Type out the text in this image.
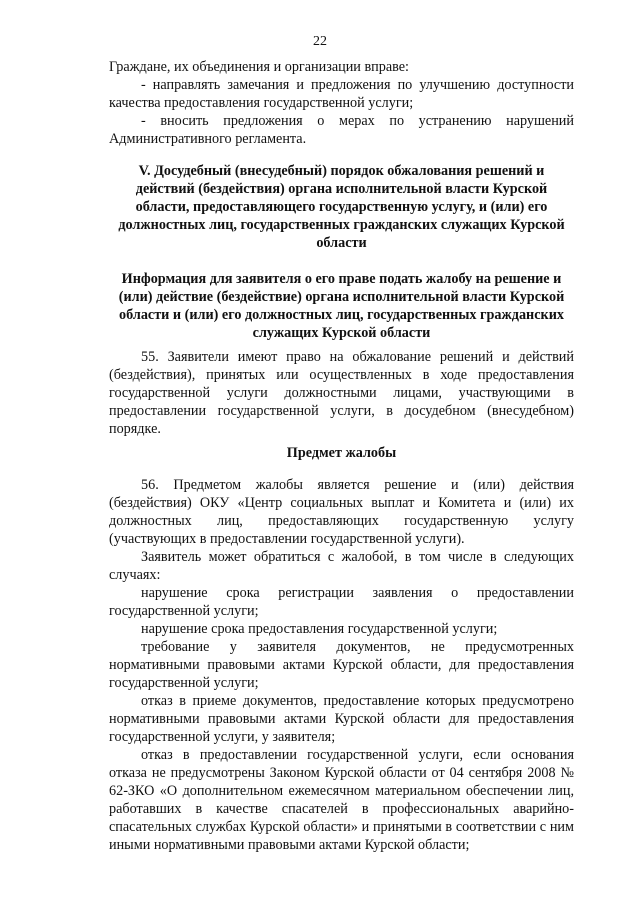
22

Граждане, их объединения и организации вправе:

- направлять замечания и предложения по улучшению доступности качества предоставления государственной услуги;

- вносить предложения о мерах по устранению нарушений Административного регламента.

V. Досудебный (внесудебный) порядок обжалования решений и действий (бездействия) органа исполнительной власти Курской области, предоставляющего государственную услугу, и (или) его должностных лиц, государственных гражданских служащих Курской области
Информация для заявителя о его праве подать жалобу на решение и (или) действие (бездействие) органа исполнительной власти Курской области и (или) его должностных лиц, государственных гражданских служащих Курской области

55. Заявители имеют право на обжалование решений и действий (бездействия), принятых или осуществленных в ходе предоставления государственной услуги должностными лицами, участвующими в предоставлении государственной услуги, в досудебном (внесудебном) порядке.

Предмет жалобы

56. Предметом жалобы является решение и (или) действия (бездействия) ОКУ «Центр социальных выплат и Комитета и (или) их должностных лиц, предоставляющих государственную услугу (участвующих в предоставлении государственной услуги).

Заявитель может обратиться с жалобой, в том числе в следующих случаях:

нарушение срока регистрации заявления о предоставлении государственной услуги;

нарушение срока предоставления государственной услуги;

требование у заявителя документов, не предусмотренных нормативными правовыми актами Курской области, для предоставления государственной услуги;

отказ в приеме документов, предоставление которых предусмотрено нормативными правовыми актами Курской области для предоставления государственной услуги, у заявителя;

отказ в предоставлении государственной услуги, если основания отказа не предусмотрены Законом Курской области от 04 сентября 2008 № 62-ЗКО «О дополнительном ежемесячном материальном обеспечении лиц, работавших в качестве спасателей в профессиональных аварийно-спасательных службах Курской области» и принятыми в соответствии с ним иными нормативными правовыми актами Курской области;
